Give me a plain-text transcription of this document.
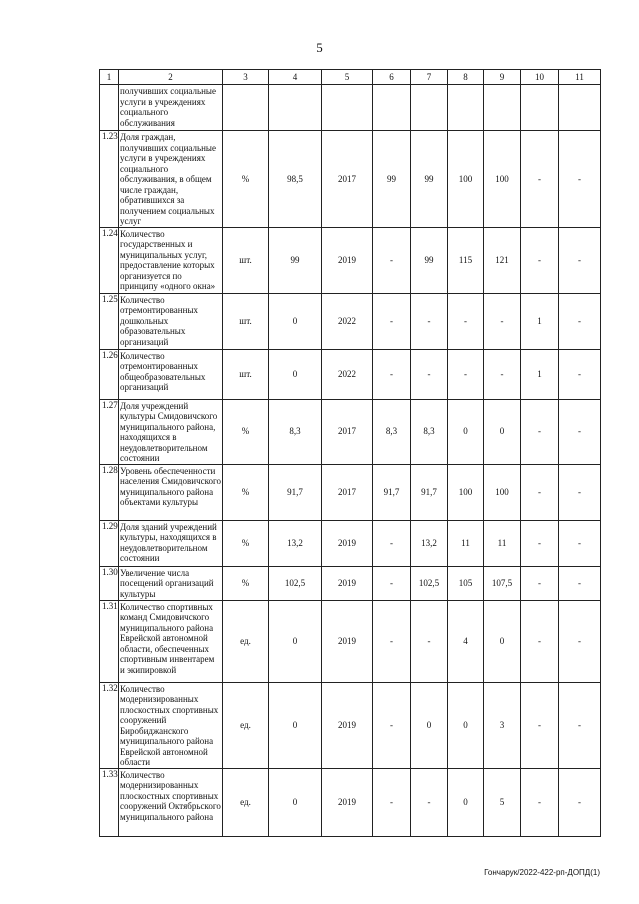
5
1	2	3	4	5	6	7	8	9	10	11
	получивших социальные услуги в учреждениях социального обслуживания									
1.23	Доля граждан, получивших социальные услуги в учреждениях социального обслуживания, в общем числе граждан, обратившихся за получением социальных услуг	%	98,5	2017	99	99	100	100	-	-
1.24	Количество государственных и муниципальных услуг, предоставление которых организуется по принципу «одного окна»	шт.	99	2019	-	99	115	121	-	-
1.25	Количество отремонтированных дошкольных образовательных организаций	шт.	0	2022	-	-	-	-	1	-
1.26	Количество отремонтированных общеобразовательных организаций	шт.	0	2022	-	-	-	-	1	-
1.27	Доля учреждений культуры Смидовичского муниципального района, находящихся в неудовлетворительном состоянии	%	8,3	2017	8,3	8,3	0	0	-	-
1.28	Уровень обеспеченности населения Смидовичского муниципального района объектами культуры	%	91,7	2017	91,7	91,7	100	100	-	-
1.29	Доля зданий учреждений культуры, находящихся в неудовлетворительном состоянии	%	13,2	2019	-	13,2	11	11	-	-
1.30	Увеличение числа посещений организаций культуры	%	102,5	2019	-	102,5	105	107,5	-	-
1.31	Количество спортивных команд Смидовичского муниципального района Еврейской автономной области, обеспеченных спортивным инвентарем и экипировкой	ед.	0	2019	-	-	4	0	-	-
1.32	Количество модернизированных плоскостных спортивных сооружений Биробиджанского муниципального района Еврейской автономной области	ед.	0	2019	-	0	0	3	-	-
1.33	Количество модернизированных плоскостных спортивных сооружений Октябрьского муниципального района	ед.	0	2019	-	-	0	5	-	-
Гончарук/2022-422-рп-ДОПД(1)
